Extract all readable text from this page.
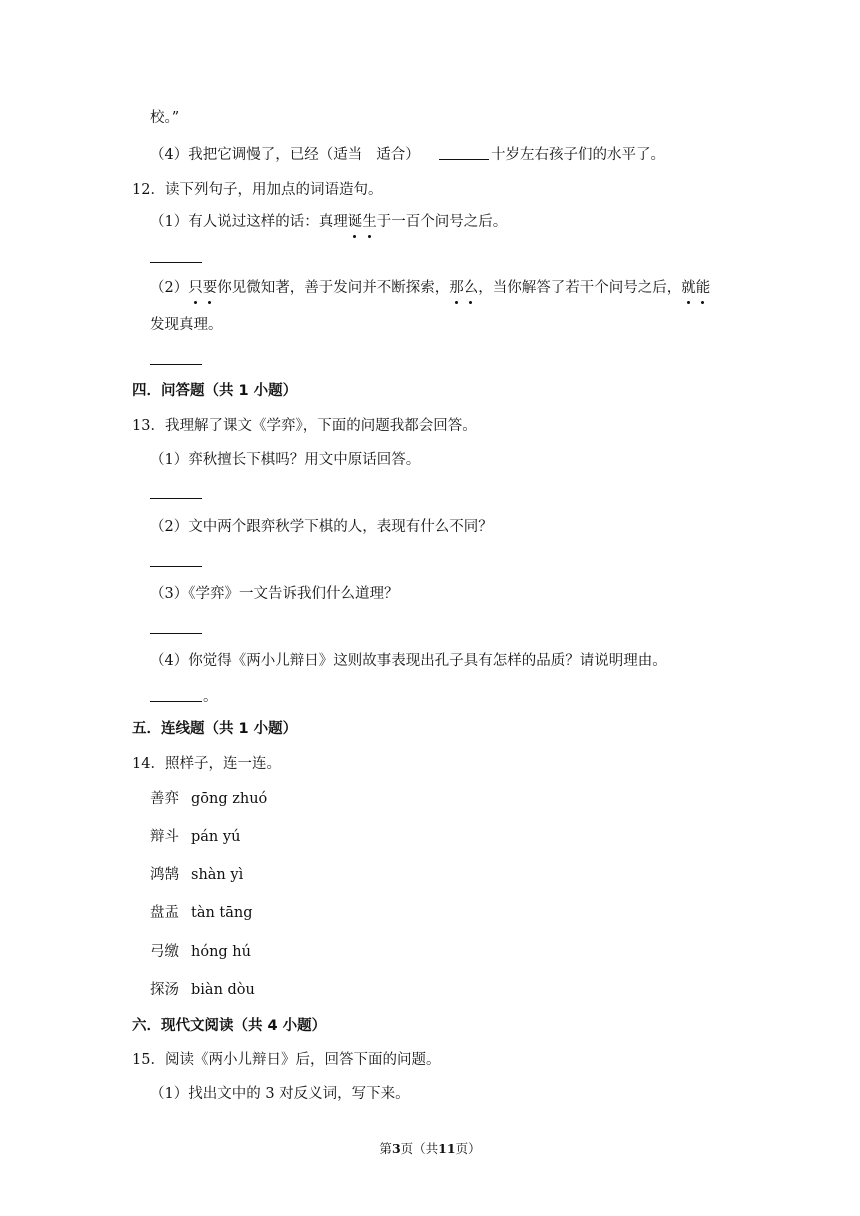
校。”
（4）我把它调慢了，已经（适当 适合）	十岁左右孩子们的水平了。
12．读下列句子，用加点的词语造句。
（1）有人说过这样的话：真理诞生于一百个问号之后。
（2）只要你见微知著，善于发问并不断探索，那么，当你解答了若干个问号之后，就能
发现真理。
四．问答题（共 1 小题）
13．我理解了课文《学弈》，下面的问题我都会回答。
（1）弈秋擅长下棋吗？用文中原话回答。
（2）文中两个跟弈秋学下棋的人，表现有什么不同？
（3）《学弈》一文告诉我们什么道理？
（4）你觉得《两小儿辩日》这则故事表现出孔子具有怎样的品质？请说明理由。
。
五．连线题（共 1 小题）
14．照样子，连一连。
善弈 gōng zhuó
辩斗 pán yú
鸿鹄 shàn yì
盘盂 tàn tāng
弓缴 hóng hú
探汤 biàn dòu
六．现代文阅读（共 4 小题）
15．阅读《两小儿辩日》后，回答下面的问题。
（1）找出文中的 3 对反义词，写下来。
第3页（共11页）
